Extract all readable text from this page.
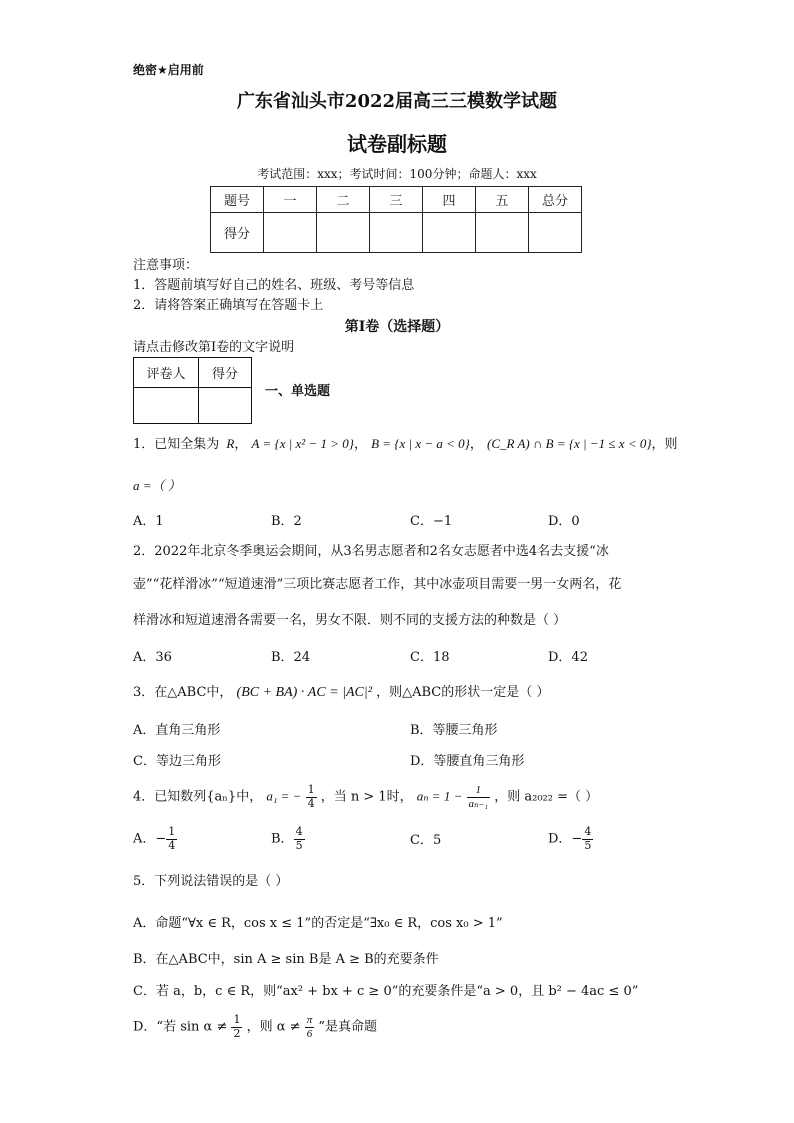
绝密★启用前
广东省汕头市2022届高三三模数学试题
试卷副标题
考试范围：xxx；考试时间：100分钟；命题人：xxx
题号	一	二	三	四	五	总分
得分						
注意事项：
1．答题前填写好自己的姓名、班级、考号等信息
2．请将答案正确填写在答题卡上
第I卷（选择题）
请点击修改第I卷的文字说明
评卷人	得分

一、单选题
1．已知全集为 R， A = {x | x² − 1 > 0}， B = {x | x − a < 0}， (C_R A) ∩ B = {x | −1 ≤ x < 0}，则
a =（ ）
A．1	B．2	C．−1	D．0
2．2022年北京冬季奥运会期间，从3名男志愿者和2名女志愿者中选4名去支援“冰
壶”“花样滑冰”“短道速滑”三项比赛志愿者工作，其中冰壶项目需要一男一女两名，花
样滑冰和短道速滑各需要一名，男女不限．则不同的支援方法的种数是（ ）
A．36	B．24	C．18	D．42
3．在△ABC中， (BC + BA) · AC = |AC|² ，则△ABC的形状一定是（ ）
A．直角三角形	B．等腰三角形
C．等边三角形	D．等腰直角三角形
4．已知数列{aₙ}中， a₁ = − $\frac{1}{4}$ ，当 n > 1时， $a_n = 1 - \frac{1}{\text{aₙ₋₁}}$ ，则 a₂₀₂₂ =（ ）
A．− $\frac{1}{4}$	B． $\frac{4}{5}$	C．5	D．− $\frac{4}{5}$
5．下列说法错误的是（ ）
A．命题“∀x ∈ R，cos x ≤ 1”的否定是“∃x₀ ∈ R，cos x₀ > 1”
B．在△ABC中，sin A ≥ sin B是 A ≥ B的充要条件
C．若 a，b，c ∈ R，则“ax² + bx + c ≥ 0”的充要条件是“a > 0，且 b² − 4ac ≤ 0”
D．“若 $\sin \alpha \ne \frac{1}{2}$ ，则 $\alpha \ne \frac{\pi}{6}$ ”是真命题
